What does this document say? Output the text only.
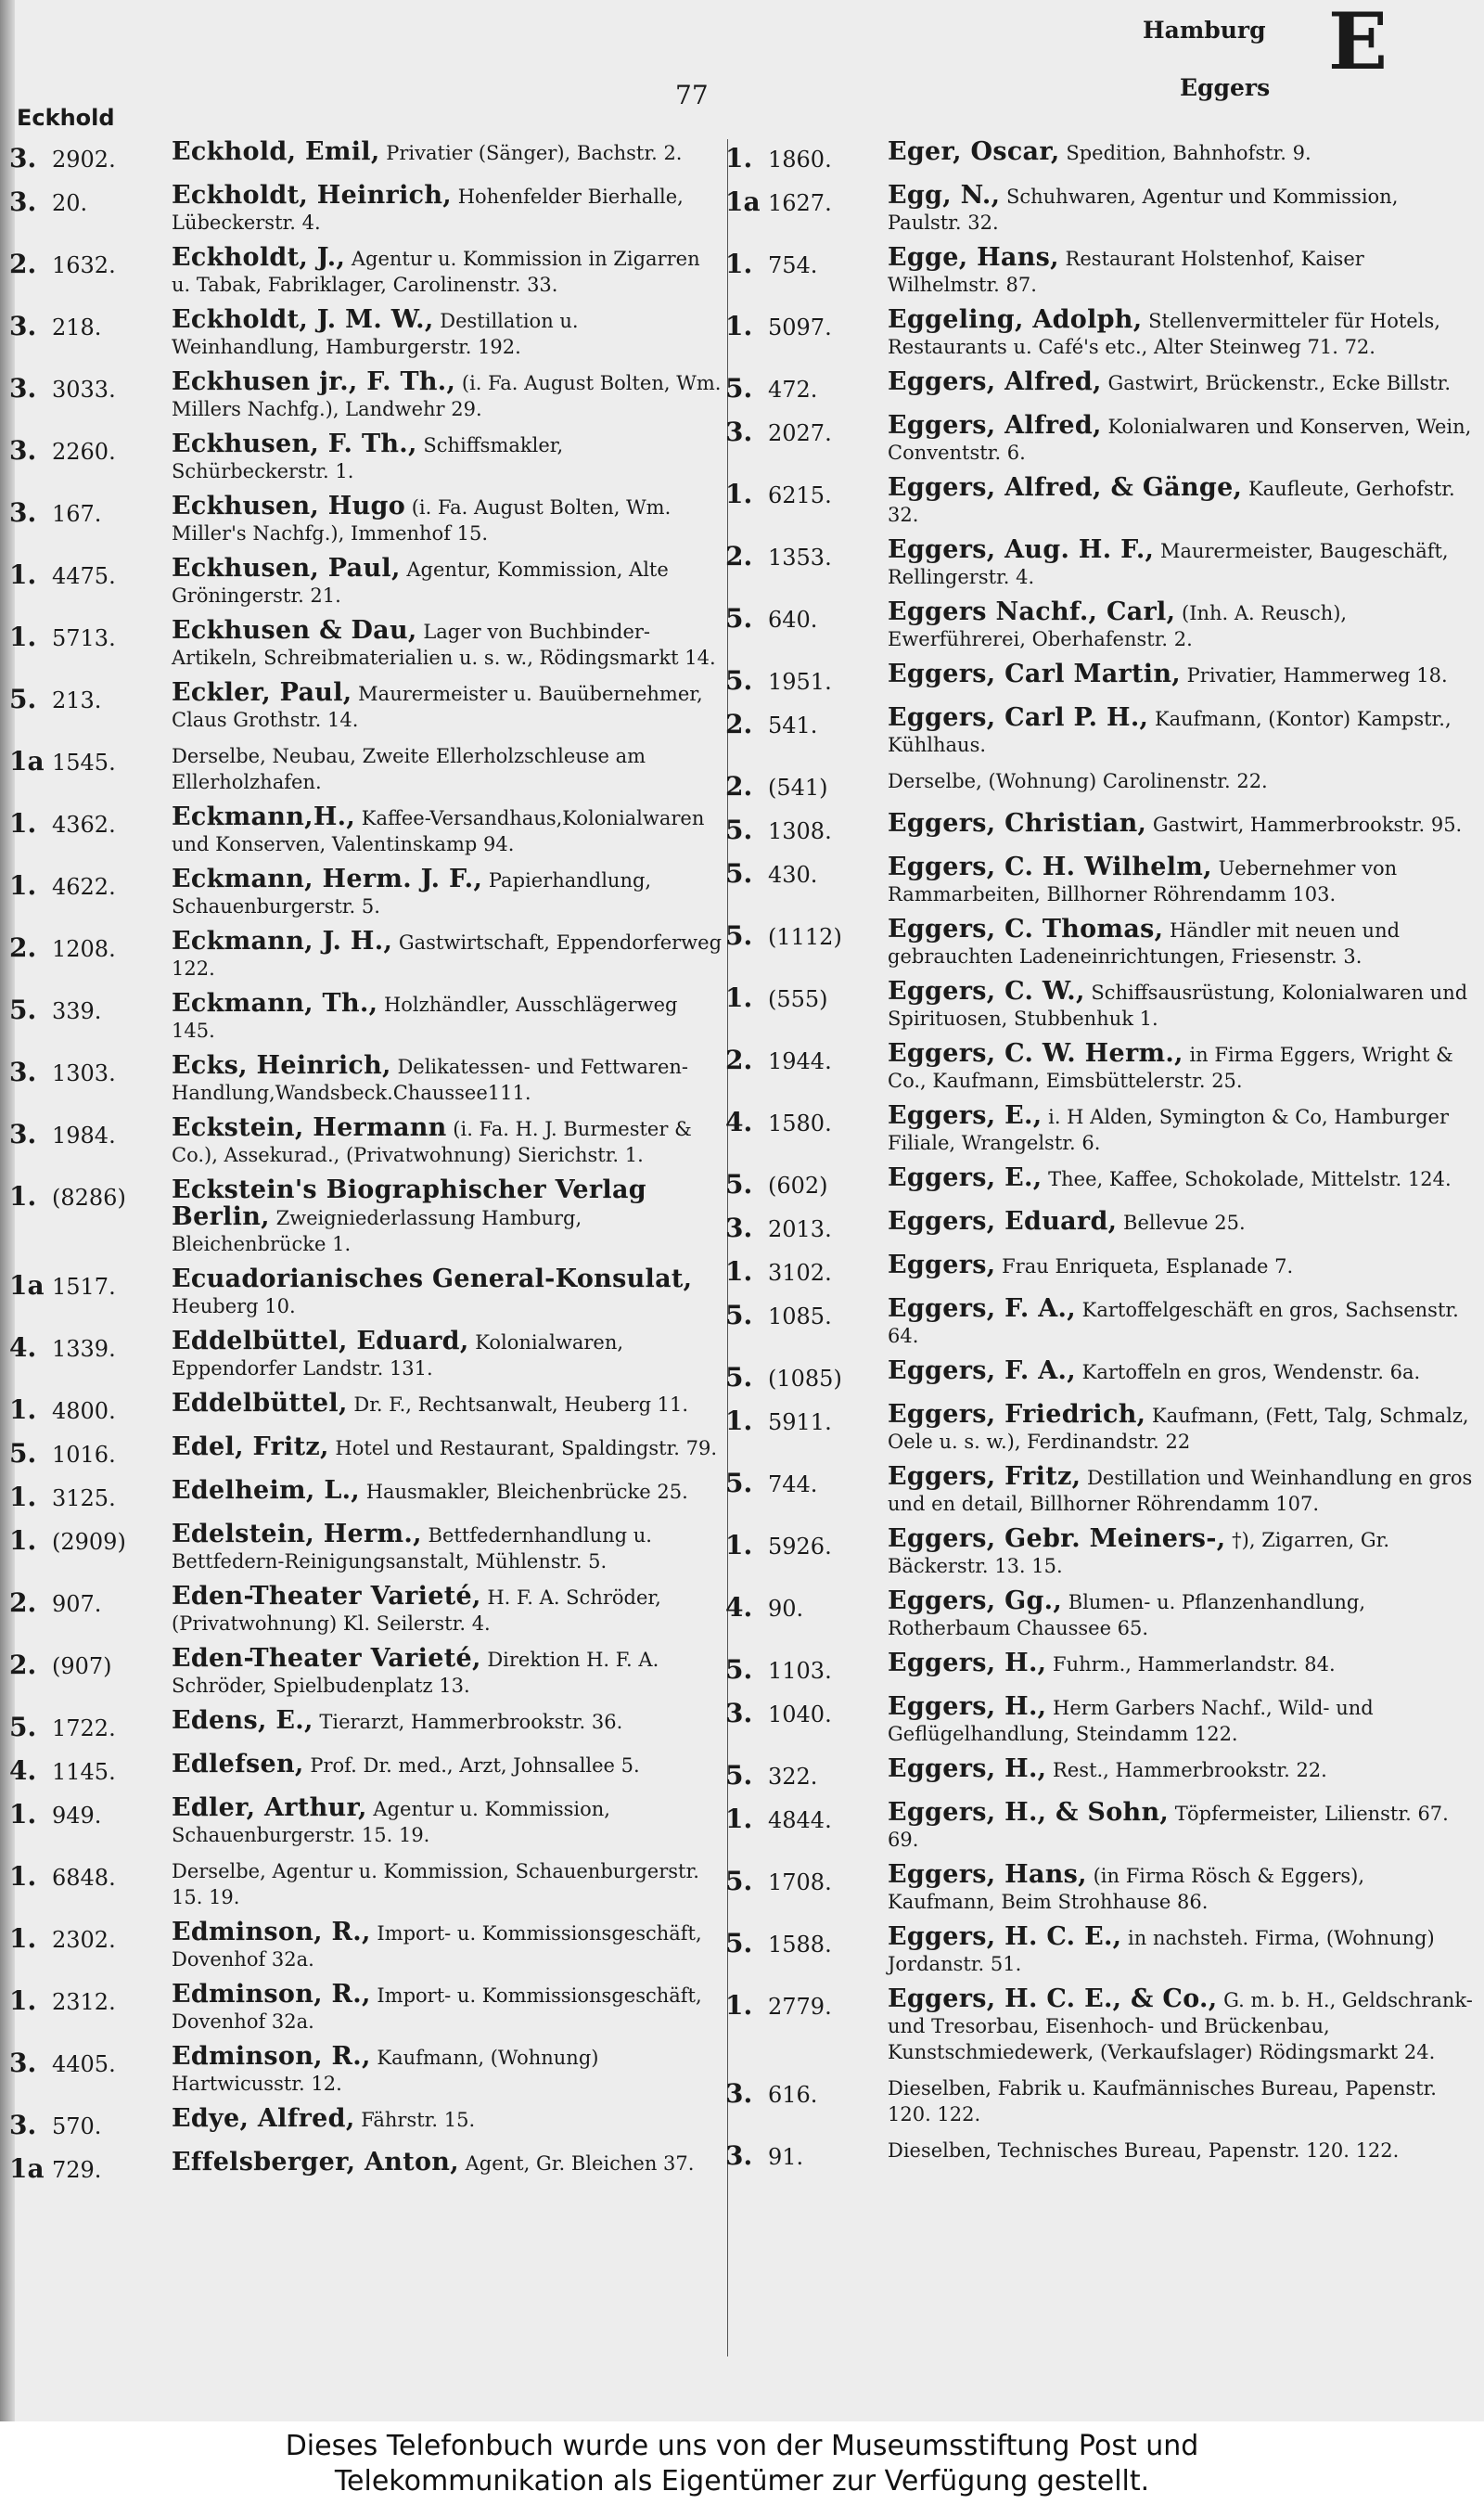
Eckhold
77
Hamburg
Eggers
E
3. 2902.	Eckhold, Emil, Privatier (Sänger), Bachstr. 2.
3. 20.	Eckholdt, Heinrich, Hohenfelder Bierhalle, Lübeckerstr. 4.
2. 1632.	Eckholdt, J., Agentur u. Kommission in Zigarren u. Tabak, Fabriklager, Carolinenstr. 33.
3. 218.	Eckholdt, J. M. W., Destillation u. Weinhandlung, Hamburgerstr. 192.
3. 3033.	Eckhusen jr., F. Th., (i. Fa. August Bolten, Wm. Millers Nachfg.), Landwehr 29.
3. 2260.	Eckhusen, F. Th., Schiffsmakler, Schürbeckerstr. 1.
3. 167.	Eckhusen, Hugo (i. Fa. August Bolten, Wm. Miller's Nachfg.), Immenhof 15.
1. 4475.	Eckhusen, Paul, Agentur, Kommission, Alte Gröningerstr. 21.
1. 5713.	Eckhusen & Dau, Lager von Buchbinder-Artikeln, Schreibmaterialien u. s. w., Rödingsmarkt 14.
5. 213.	Eckler, Paul, Maurermeister u. Bauübernehmer, Claus Grothstr. 14.
1a 1545.	Derselbe, Neubau, Zweite Ellerholzschleuse am Ellerholzhafen.
1. 4362.	Eckmann,H., Kaffee-Versandhaus,Kolonialwaren und Konserven, Valentinskamp 94.
1. 4622.	Eckmann, Herm. J. F., Papierhandlung, Schauenburgerstr. 5.
2. 1208.	Eckmann, J. H., Gastwirtschaft, Eppendorferweg 122.
5. 339.	Eckmann, Th., Holzhändler, Ausschlägerweg 145.
3. 1303.	Ecks, Heinrich, Delikatessen- und Fettwaren-Handlung,Wandsbeck.Chaussee111.
3. 1984.	Eckstein, Hermann (i. Fa. H. J. Burmester & Co.), Assekurad., (Privatwohnung) Sierichstr. 1.
1. (8286)	Eckstein's Biographischer Verlag Berlin, Zweigniederlassung Hamburg, Bleichenbrücke 1.
1a 1517.	Ecuadorianisches General-Konsulat, Heuberg 10.
4. 1339.	Eddelbüttel, Eduard, Kolonialwaren, Eppendorfer Landstr. 131.
1. 4800.	Eddelbüttel, Dr. F., Rechtsanwalt, Heuberg 11.
5. 1016.	Edel, Fritz, Hotel und Restaurant, Spaldingstr. 79.
1. 3125.	Edelheim, L., Hausmakler, Bleichenbrücke 25.
1. (2909)	Edelstein, Herm., Bettfedernhandlung u. Bettfedern-Reinigungsanstalt, Mühlenstr. 5.
2. 907.	Eden-Theater Varieté, H. F. A. Schröder, (Privatwohnung) Kl. Seilerstr. 4.
2. (907)	Eden-Theater Varieté, Direktion H. F. A. Schröder, Spielbudenplatz 13.
5. 1722.	Edens, E., Tierarzt, Hammerbrookstr. 36.
4. 1145.	Edlefsen, Prof. Dr. med., Arzt, Johnsallee 5.
1. 949.	Edler, Arthur, Agentur u. Kommission, Schauenburgerstr. 15. 19.
1. 6848.	Derselbe, Agentur u. Kommission, Schauenburgerstr. 15. 19.
1. 2302.	Edminson, R., Import- u. Kommissionsgeschäft, Dovenhof 32a.
1. 2312.	Edminson, R., Import- u. Kommissionsgeschäft, Dovenhof 32a.
3. 4405.	Edminson, R., Kaufmann, (Wohnung) Hartwicusstr. 12.
3. 570.	Edye, Alfred, Fährstr. 15.
1a 729.	Effelsberger, Anton, Agent, Gr. Bleichen 37.
1. 1860.	Eger, Oscar, Spedition, Bahnhofstr. 9.
1a 1627.	Egg, N., Schuhwaren, Agentur und Kommission, Paulstr. 32.
1. 754.	Egge, Hans, Restaurant Holstenhof, Kaiser Wilhelmstr. 87.
1. 5097.	Eggeling, Adolph, Stellenvermitteler für Hotels, Restaurants u. Café's etc., Alter Steinweg 71. 72.
5. 472.	Eggers, Alfred, Gastwirt, Brückenstr., Ecke Billstr.
3. 2027.	Eggers, Alfred, Kolonialwaren und Konserven, Wein, Conventstr. 6.
1. 6215.	Eggers, Alfred, & Gänge, Kaufleute, Gerhofstr. 32.
2. 1353.	Eggers, Aug. H. F., Maurermeister, Baugeschäft, Rellingerstr. 4.
5. 640.	Eggers Nachf., Carl, (Inh. A. Reusch), Ewerführerei, Oberhafenstr. 2.
5. 1951.	Eggers, Carl Martin, Privatier, Hammerweg 18.
2. 541.	Eggers, Carl P. H., Kaufmann, (Kontor) Kampstr., Kühlhaus.
2. (541)	Derselbe, (Wohnung) Carolinenstr. 22.
5. 1308.	Eggers, Christian, Gastwirt, Hammerbrookstr. 95.
5. 430.	Eggers, C. H. Wilhelm, Uebernehmer von Rammarbeiten, Billhorner Röhrendamm 103.
5. (1112)	Eggers, C. Thomas, Händler mit neuen und gebrauchten Ladeneinrichtungen, Friesenstr. 3.
1. (555)	Eggers, C. W., Schiffsausrüstung, Kolonialwaren und Spirituosen, Stubbenhuk 1.
2. 1944.	Eggers, C. W. Herm., in Firma Eggers, Wright & Co., Kaufmann, Eimsbüttelerstr. 25.
4. 1580.	Eggers, E., i. H Alden, Symington & Co, Hamburger Filiale, Wrangelstr. 6.
5. (602)	Eggers, E., Thee, Kaffee, Schokolade, Mittelstr. 124.
3. 2013.	Eggers, Eduard, Bellevue 25.
1. 3102.	Eggers, Frau Enriqueta, Esplanade 7.
5. 1085.	Eggers, F. A., Kartoffelgeschäft en gros, Sachsenstr. 64.
5. (1085)	Eggers, F. A., Kartoffeln en gros, Wendenstr. 6a.
1. 5911.	Eggers, Friedrich, Kaufmann, (Fett, Talg, Schmalz, Oele u. s. w.), Ferdinandstr. 22
5. 744.	Eggers, Fritz, Destillation und Weinhandlung en gros und en detail, Billhorner Röhrendamm 107.
1. 5926.	Eggers, Gebr. Meiners-, †), Zigarren, Gr. Bäckerstr. 13. 15.
4. 90.	Eggers, Gg., Blumen- u. Pflanzenhandlung, Rotherbaum Chaussee 65.
5. 1103.	Eggers, H., Fuhrm., Hammerlandstr. 84.
3. 1040.	Eggers, H., Herm Garbers Nachf., Wild- und Geflügelhandlung, Steindamm 122.
5. 322.	Eggers, H., Rest., Hammerbrookstr. 22.
1. 4844.	Eggers, H., & Sohn, Töpfermeister, Lilienstr. 67. 69.
5. 1708.	Eggers, Hans, (in Firma Rösch & Eggers), Kaufmann, Beim Strohhause 86.
5. 1588.	Eggers, H. C. E., in nachsteh. Firma, (Wohnung) Jordanstr. 51.
1. 2779.	Eggers, H. C. E., & Co., G. m. b. H., Geldschrank- und Tresorbau, Eisenhoch- und Brückenbau, Kunstschmiedewerk, (Verkaufslager) Rödingsmarkt 24.
3. 616.	Dieselben, Fabrik u. Kaufmännisches Bureau, Papenstr. 120. 122.
3. 91.	Dieselben, Technisches Bureau, Papenstr. 120. 122.
Dieses Telefonbuch wurde uns von der Museumsstiftung Post und
Telekommunikation als Eigentümer zur Verfügung gestellt.
